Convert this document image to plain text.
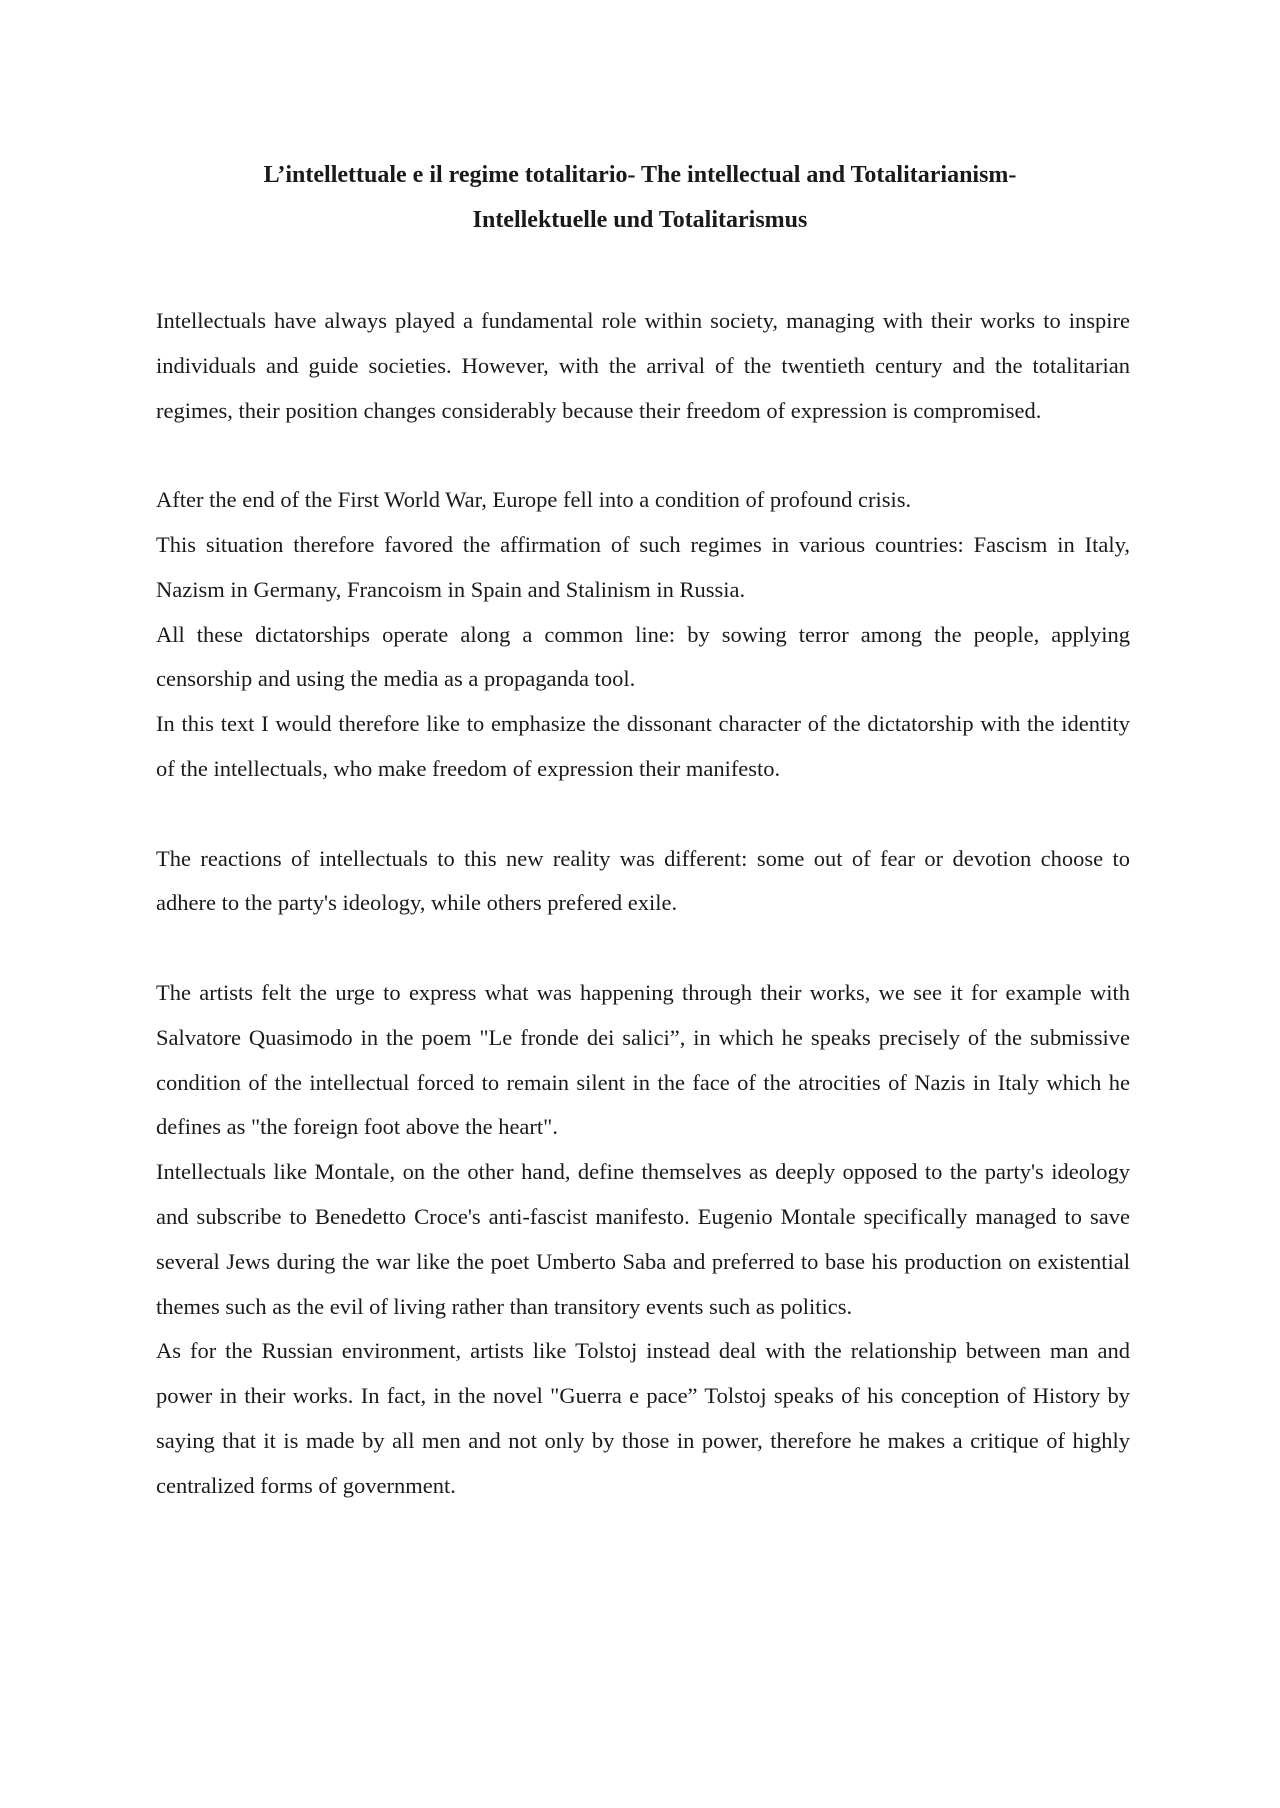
L’intellettuale e il regime totalitario- The intellectual and Totalitarianism-
Intellektuelle und Totalitarismus

Intellectuals have always played a fundamental role within society, managing with their works to inspire individuals and guide societies. However, with the arrival of the twentieth century and the totalitarian regimes, their position changes considerably because their freedom of expression is compromised.

After the end of the First World War, Europe fell into a condition of profound crisis.

This situation therefore favored the affirmation of such regimes in various countries: Fascism in Italy, Nazism in Germany, Francoism in Spain and Stalinism in Russia.

All these dictatorships operate along a common line: by sowing terror among the people, applying censorship and using the media as a propaganda tool.

In this text I would therefore like to emphasize the dissonant character of the dictatorship with the identity of the intellectuals, who make freedom of expression their manifesto.

The reactions of intellectuals to this new reality was different: some out of fear or devotion choose to adhere to the party's ideology, while others prefered exile.

The artists felt the urge to express what was happening through their works, we see it for example with Salvatore Quasimodo in the poem "Le fronde dei salici”, in which he speaks precisely of the submissive condition of the intellectual forced to remain silent in the face of the atrocities of Nazis in Italy which he defines as "the foreign foot above the heart".

Intellectuals like Montale, on the other hand, define themselves as deeply opposed to the party's ideology and subscribe to Benedetto Croce's anti-fascist manifesto. Eugenio Montale specifically managed to save several Jews during the war like the poet Umberto Saba and preferred to base his production on existential themes such as the evil of living rather than transitory events such as politics.

As for the Russian environment, artists like Tolstoj instead deal with the relationship between man and power in their works. In fact, in the novel "Guerra e pace” Tolstoj speaks of his conception of History by saying that it is made by all men and not only by those in power, therefore he makes a critique of highly centralized forms of government.
